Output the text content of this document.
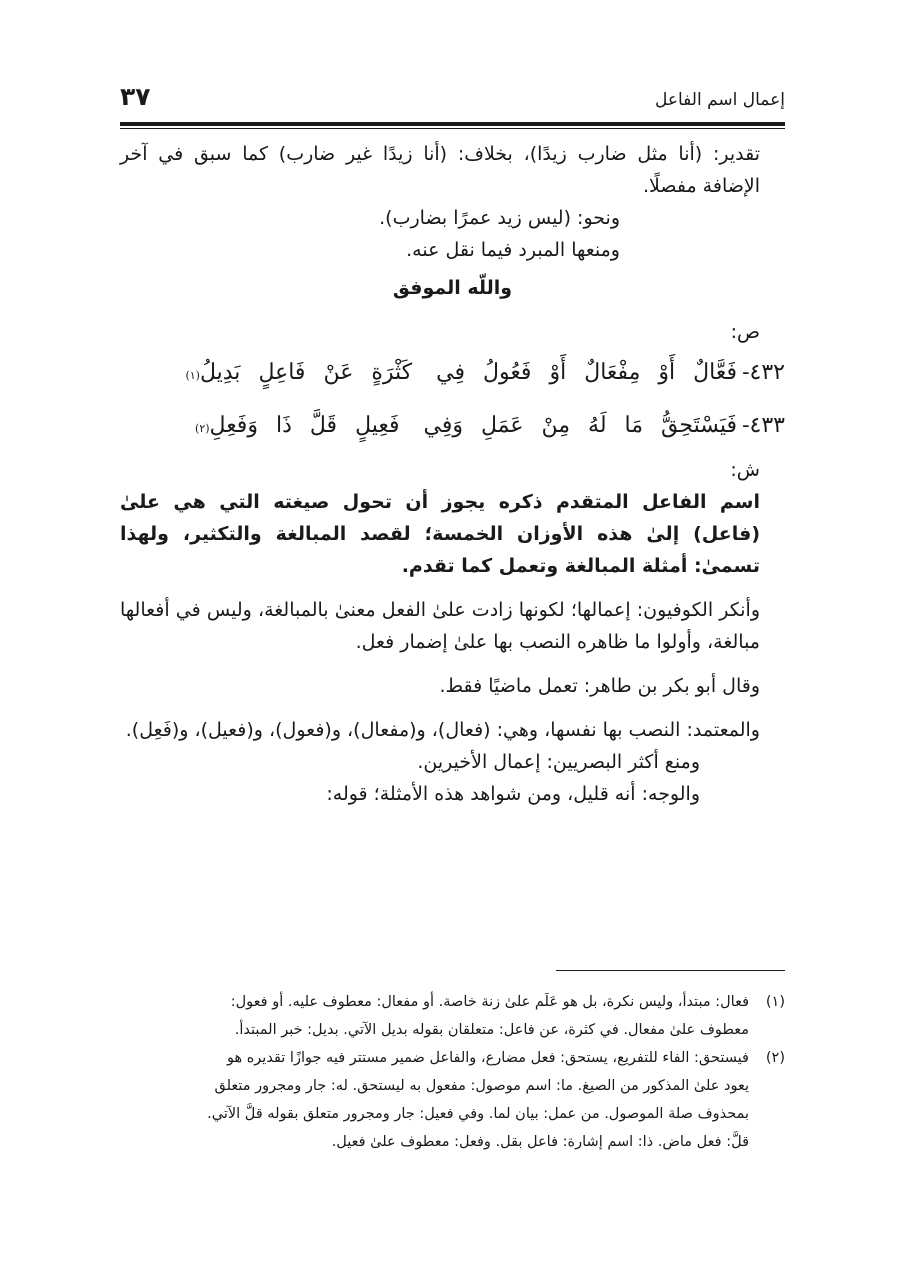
إعمال اسم الفاعل
٣٧

تقدير: (أنا مثل ضارب زيدًا)، بخلاف: (أنا زيدًا غير ضارب) كما سبق في آخر الإضافة مفصلًا.

ونحو: (ليس زيد عمرًا بضارب).

ومنعها المبرد فيما نقل عنه.

واللّه الموفق

ص:

٤٣٢-
فَعَّالٌ
أَوْ
مِفْعَالٌ
أَوْ
فَعُولُ
فِي
كَثْرَةٍ
عَنْ
فَاعِلٍ
بَدِيلُ
(١)
٤٣٣-
فَيَسْتَحِقُّ
مَا
لَهُ
مِنْ
عَمَلِ
وَفِي
فَعِيلٍ
قَلَّ
ذَا
وَفَعِلِ
(٢)

ش:

اسم الفاعل المتقدم ذكره يجوز أن تحول صيغته التي هي علىٰ (فاعل) إلىٰ هذه الأوزان الخمسة؛ لقصد المبالغة والتكثير، ولهذا تسمىٰ: أمثلة المبالغة وتعمل كما تقدم.

وأنكر الكوفيون: إعمالها؛ لكونها زادت علىٰ الفعل معنىٰ بالمبالغة، وليس في أفعالها مبالغة، وأولوا ما ظاهره النصب بها علىٰ إضمار فعل.

وقال أبو بكر بن طاهر: تعمل ماضيًا فقط.

والمعتمد: النصب بها نفسها، وهي: (فعال)، و(مفعال)، و(فعول)، و(فعيل)، و(فَعِل).

ومنع أكثر البصريين: إعمال الأخيرين.

والوجه: أنه قليل، ومن شواهد هذه الأمثلة؛ قوله:

(١)فعال: مبتدأ، وليس نكرة، بل هو عَلَم علىٰ زنة خاصة. أو مفعال: معطوف عليه. أو فعول:

معطوف علىٰ مفعال. في كثرة، عن فاعل: متعلقان بقوله بديل الآتي. بديل: خبر المبتدأ.

(٢)فيستحق: الفاء للتفريع، يستحق: فعل مضارع، والفاعل ضمير مستتر فيه جوازًا تقديره هو

يعود علىٰ المذكور من الصيغ. ما: اسم موصول: مفعول به ليستحق. له: جار ومجرور متعلق

بمحذوف صلة الموصول. من عمل: بيان لما. وفي فعيل: جار ومجرور متعلق بقوله قلَّ الآتي.

قلَّ: فعل ماض. ذا: اسم إشارة: فاعل بقل. وفعل: معطوف علىٰ فعيل.
